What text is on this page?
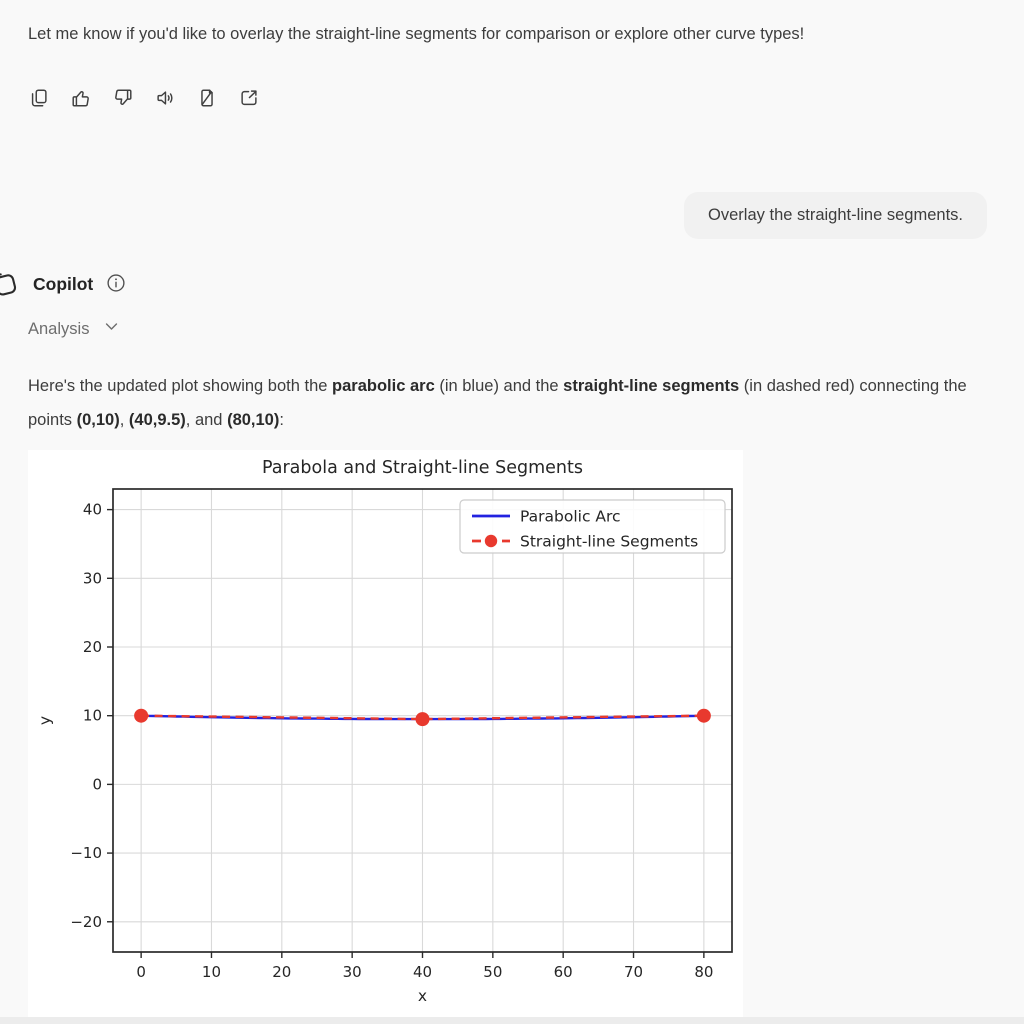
Let me know if you'd like to overlay the straight-line segments for comparison or explore other curve types!
Overlay the straight-line segments.
Copilot
Analysis

Here's the updated plot showing both the parabolic arc (in blue) and the straight-line segments (in dashed red) connecting the points (0,10), (40,9.5), and (80,10):

Parabola and Straight-line Segments
0	10	20	30	40	50	60	70	80
−20
−10
0
10
20
30
40
x
y
Parabolic Arc
Straight-line Segments
